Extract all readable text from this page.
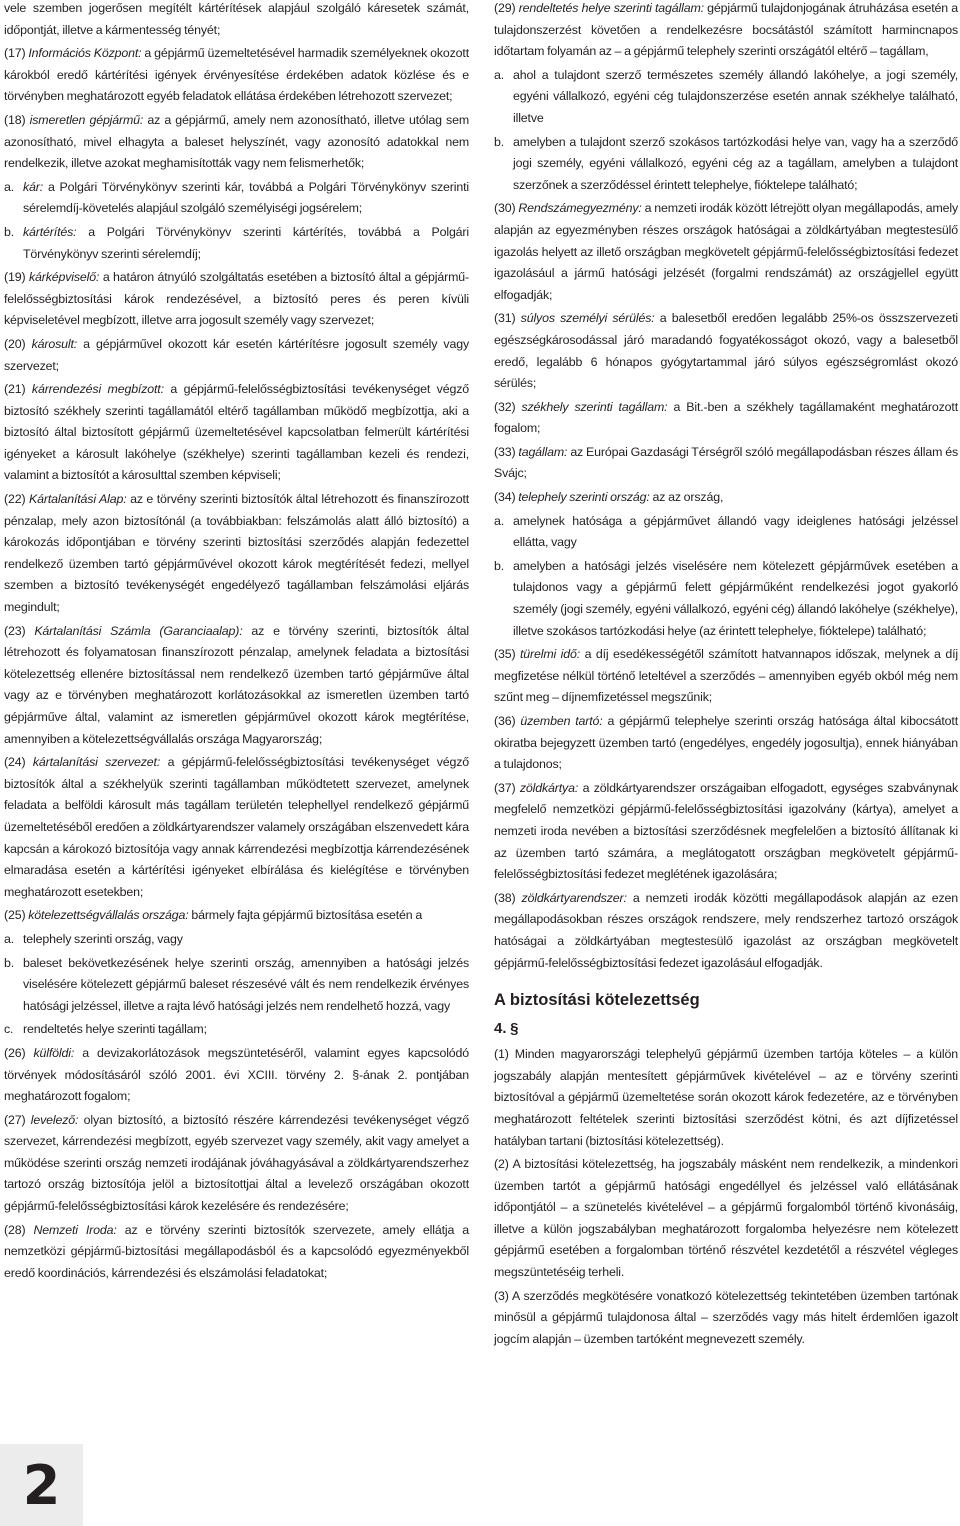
vele szemben jogerősen megítélt kártérítések alapjául szolgáló káresetek számát, időpontját, illetve a kármentesség tényét;
(17) Információs Központ: a gépjármű üzemeltetésével harmadik személyeknek okozott károkból eredő kártérítési igények érvényesítése érdekében adatok közlése és e törvényben meghatározott egyéb feladatok ellátása érdekében létrehozott szervezet;
(18) ismeretlen gépjármű: az a gépjármű, amely nem azonosítható, illetve utólag sem azonosítható, mivel elhagyta a baleset helyszínét, vagy azonosító adatokkal nem rendelkezik, illetve azokat meghamisították vagy nem felismerhetők;
a. kár: a Polgári Törvénykönyv szerinti kár, továbbá a Polgári Törvénykönyv szerinti sérelemdíj-követelés alapjául szolgáló személyiségi jogsérelem;
b. kártérítés: a Polgári Törvénykönyv szerinti kártérítés, továbbá a Polgári Törvénykönyv szerinti sérelemdíj;
(19) kárképviselő: a határon átnyúló szolgáltatás esetében a biztosító által a gépjármű-felelősségbiztosítási károk rendezésével, a biztosító peres és peren kívüli képviseletével megbízott, illetve arra jogosult személy vagy szervezet;
(20) károsult: a gépjárművel okozott kár esetén kártérítésre jogosult személy vagy szervezet;
(21) kárrendezési megbízott: a gépjármű-felelősségbiztosítási tevékenységet végző biztosító székhely szerinti tagállamától eltérő tagállamban működő megbízottja, aki a biztosító által biztosított gépjármű üzemeltetésével kapcsolatban felmerült kártérítési igényeket a károsult lakóhelye (székhelye) szerinti tagállamban kezeli és rendezi, valamint a biztosítót a károsulttal szemben képviseli;
(22) Kártalanítási Alap: az e törvény szerinti biztosítók által létrehozott és finanszírozott pénzalap, mely azon biztosítónál (a továbbiakban: felszámolás alatt álló biztosító) a károkozás időpontjában e törvény szerinti biztosítási szerződés alapján fedezettel rendelkező üzemben tartó gépjárművével okozott károk megtérítését fedezi, mellyel szemben a biztosító tevékenységét engedélyező tagállamban felszámolási eljárás megindult;
(23) Kártalanítási Számla (Garanciaalap): az e törvény szerinti, biztosítók által létrehozott és folyamatosan finanszírozott pénzalap, amelynek feladata a biztosítási kötelezettség ellenére biztosítással nem rendelkező üzemben tartó gépjárműve által vagy az e törvényben meghatározott korlátozásokkal az ismeretlen üzemben tartó gépjárműve által, valamint az ismeretlen gépjárművel okozott károk megtérítése, amennyiben a kötelezettségvállalás országa Magyarország;
(24) kártalanítási szervezet: a gépjármű-felelősségbiztosítási tevékenységet végző biztosítók által a székhelyük szerinti tagállamban működtetett szervezet, amelynek feladata a belföldi károsult más tagállam területén telephellyel rendelkező gépjármű üzemeltetéséből eredően a zöldkártyarendszer valamely országában elszenvedett kára kapcsán a károkozó biztosítója vagy annak kárrendezési megbízottja kárrendezésének elmaradása esetén a kártérítési igényeket elbírálása és kielégítése e törvényben meghatározott esetekben;
(25) kötelezettségvállalás országa: bármely fajta gépjármű biztosítása esetén a
a. telephely szerinti ország, vagy
b. baleset bekövetkezésének helye szerinti ország, amennyiben a hatósági jelzés viselésére kötelezett gépjármű baleset részesévé vált és nem rendelkezik érvényes hatósági jelzéssel, illetve a rajta lévő hatósági jelzés nem rendelhető hozzá, vagy
c. rendeltetés helye szerinti tagállam;
(26) külföldi: a devizakorlátozások megszüntetéséről, valamint egyes kapcsolódó törvények módosításáról szóló 2001. évi XCIII. törvény 2. §-ának 2. pontjában meghatározott fogalom;
(27) levelező: olyan biztosító, a biztosító részére kárrendezési tevékenységet végző szervezet, kárrendezési megbízott, egyéb szervezet vagy személy, akit vagy amelyet a működése szerinti ország nemzeti irodájának jóváhagyásával a zöldkártyarendszerhez tartozó ország biztosítója jelöl a biztosítottjai által a levelező országában okozott gépjármű-felelősségbiztosítási károk kezelésére és rendezésére;
(28) Nemzeti Iroda: az e törvény szerinti biztosítók szervezete, amely ellátja a nemzetközi gépjármű-biztosítási megállapodásból és a kapcsolódó egyezményekből eredő koordinációs, kárrendezési és elszámolási feladatokat;
(29) rendeltetés helye szerinti tagállam: gépjármű tulajdonjogának átruházása esetén a tulajdonszerzést követően a rendelkezésre bocsátástól számított harmincnapos időtartam folyamán az – a gépjármű telephely szerinti országától eltérő – tagállam,
a. ahol a tulajdont szerző természetes személy állandó lakóhelye, a jogi személy, egyéni vállalkozó, egyéni cég tulajdonszerzése esetén annak székhelye található, illetve
b. amelyben a tulajdont szerző szokásos tartózkodási helye van, vagy ha a szerződő jogi személy, egyéni vállalkozó, egyéni cég az a tagállam, amelyben a tulajdont szerzőnek a szerződéssel érintett telephelye, fióktelepe található;
(30) Rendszámegyezmény: a nemzeti irodák között létrejött olyan megállapodás, amely alapján az egyezményben részes országok hatóságai a zöldkártyában megtestesülő igazolás helyett az illető országban megkövetelt gépjármű-felelősségbiztosítási fedezet igazolásául a jármű hatósági jelzését (forgalmi rendszámát) az országjellel együtt elfogadják;
(31) súlyos személyi sérülés: a balesetből eredően legalább 25%-os összszervezeti egészségkárosodással járó maradandó fogyatékosságot okozó, vagy a balesetből eredő, legalább 6 hónapos gyógytartammal járó súlyos egészségromlást okozó sérülés;
(32) székhely szerinti tagállam: a Bit.-ben a székhely tagállamaként meghatározott fogalom;
(33) tagállam: az Európai Gazdasági Térségről szóló megállapodásban részes állam és Svájc;
(34) telephely szerinti ország: az az ország,
a. amelynek hatósága a gépjárművet állandó vagy ideiglenes hatósági jelzéssel ellátta, vagy
b. amelyben a hatósági jelzés viselésére nem kötelezett gépjárművek esetében a tulajdonos vagy a gépjármű felett gépjárműként rendelkezési jogot gyakorló személy (jogi személy, egyéni vállalkozó, egyéni cég) állandó lakóhelye (székhelye), illetve szokásos tartózkodási helye (az érintett telephelye, fióktelepe) található;
(35) türelmi idő: a díj esedékességétől számított hatvannapos időszak, melynek a díj megfizetése nélkül történő leteltével a szerződés – amennyiben egyéb okból még nem szűnt meg – díjnemfizetéssel megszűnik;
(36) üzemben tartó: a gépjármű telephelye szerinti ország hatósága által kibocsátott okiratba bejegyzett üzemben tartó (engedélyes, engedély jogosultja), ennek hiányában a tulajdonos;
(37) zöldkártya: a zöldkártyarendszer országaiban elfogadott, egységes szabványnak megfelelő nemzetközi gépjármű-felelősségbiztosítási igazolvány (kártya), amelyet a nemzeti iroda nevében a biztosítási szerződésnek megfelelően a biztosító állítanak ki az üzemben tartó számára, a meglátogatott országban megkövetelt gépjármű-felelősségbiztosítási fedezet meglétének igazolására;
(38) zöldkártyarendszer: a nemzeti irodák közötti megállapodások alapján az ezen megállapodásokban részes országok rendszere, mely rendszerhez tartozó országok hatóságai a zöldkártyában megtestesülő igazolást az országban megkövetelt gépjármű-felelősségbiztosítási fedezet igazolásául elfogadják.
A biztosítási kötelezettség
4. §
(1) Minden magyarországi telephelyű gépjármű üzemben tartója köteles – a külön jogszabály alapján mentesített gépjárművek kivételével – az e törvény szerinti biztosítóval a gépjármű üzemeltetése során okozott károk fedezetére, az e törvényben meghatározott feltételek szerinti biztosítási szerződést kötni, és azt díjfizetéssel hatályban tartani (biztosítási kötelezettség).
(2) A biztosítási kötelezettség, ha jogszabály másként nem rendelkezik, a mindenkori üzemben tartót a gépjármű hatósági engedéllyel és jelzéssel való ellátásának időpontjától – a szünetelés kivételével – a gépjármű forgalomból történő kivonásáig, illetve a külön jogszabályban meghatározott forgalomba helyezésre nem kötelezett gépjármű esetében a forgalomban történő részvétel kezdetétől a részvétel végleges megszüntetéséig terheli.
(3) A szerződés megkötésére vonatkozó kötelezettség tekintetében üzemben tartónak minősül a gépjármű tulajdonosa által – szerződés vagy más hitelt érdemlően igazolt jogcím alapján – üzemben tartóként megnevezett személy.
2
